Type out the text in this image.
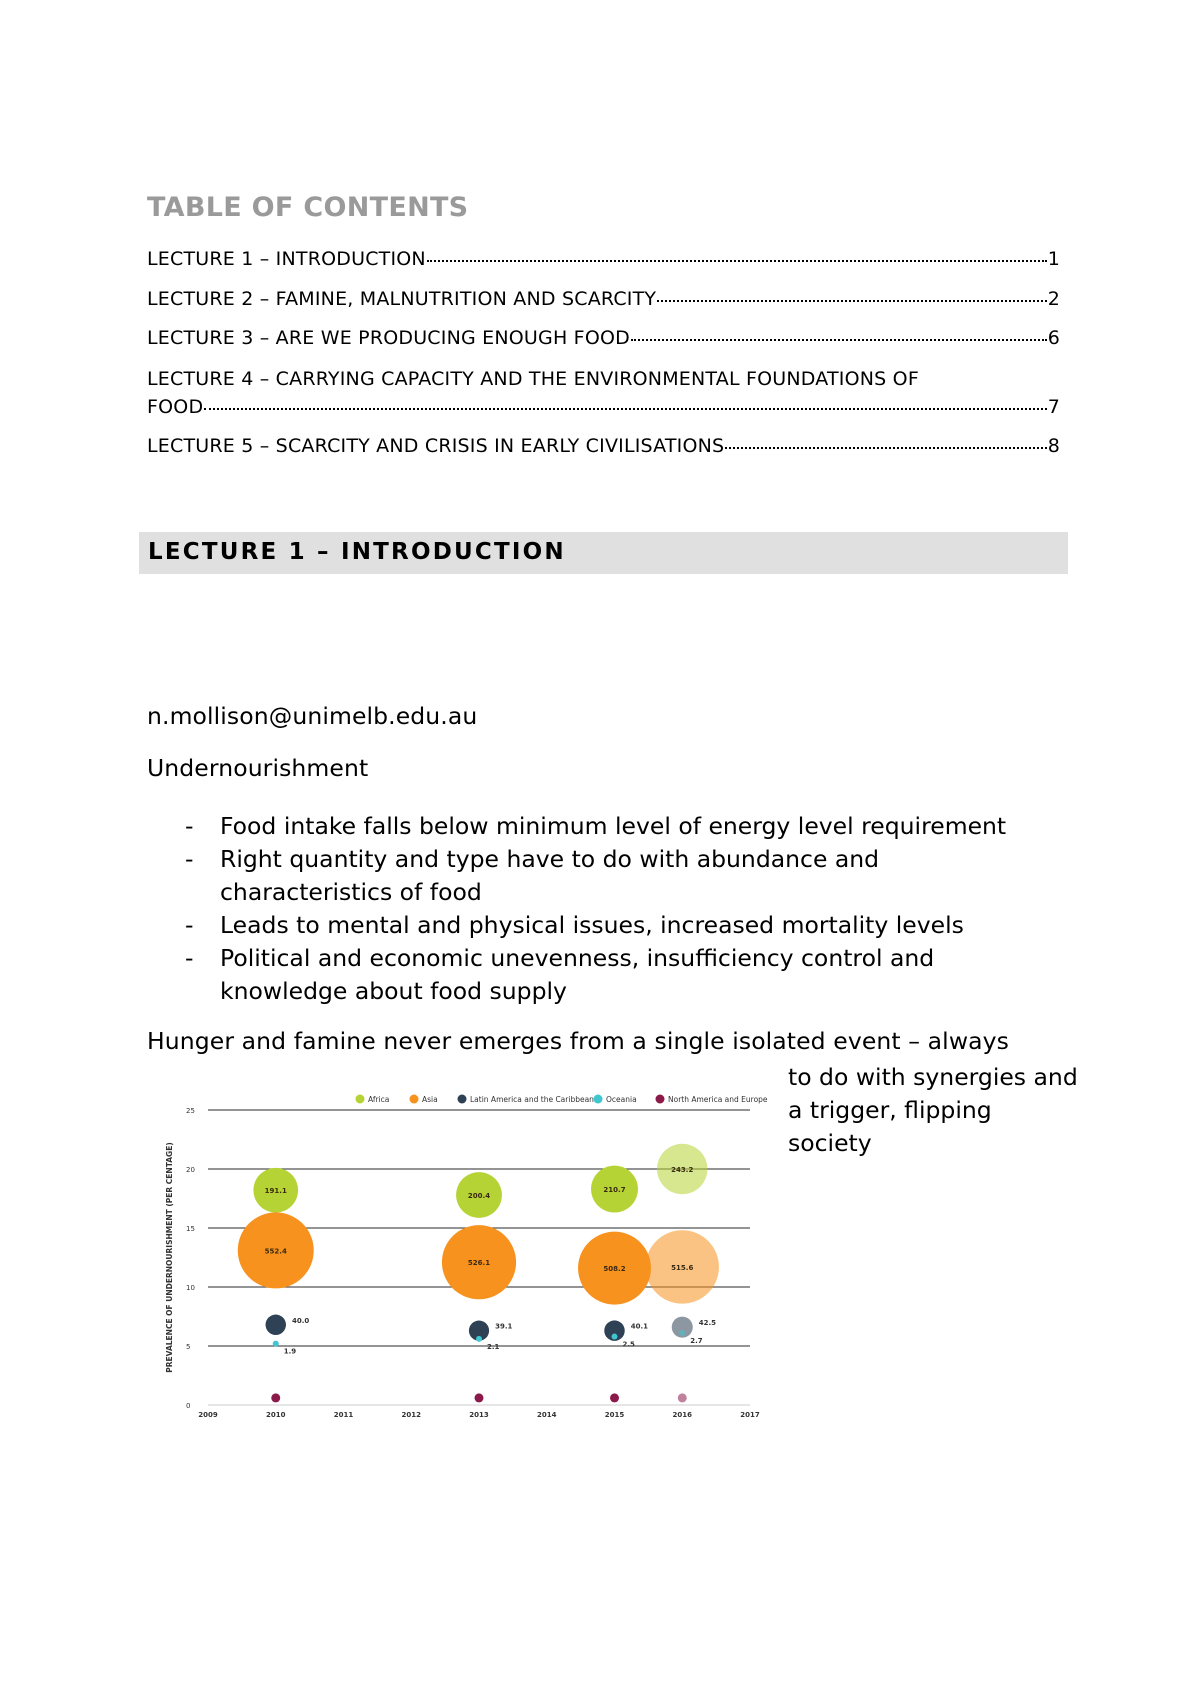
TABLE OF CONTENTS
LECTURE 1 – INTRODUCTION	1
LECTURE 2 – FAMINE, MALNUTRITION AND SCARCITY	2
LECTURE 3 – ARE WE PRODUCING ENOUGH FOOD	6
LECTURE 4 – CARRYING CAPACITY AND THE ENVIRONMENTAL FOUNDATIONS OF
FOOD	7
LECTURE 5 – SCARCITY AND CRISIS IN EARLY CIVILISATIONS	8
LECTURE 1 – INTRODUCTION
n.mollison@unimelb.edu.au
Undernourishment
- Food intake falls below minimum level of energy level requirement
- Right quantity and type have to do with abundance and characteristics of food
- Leads to mental and physical issues, increased mortality levels
- Political and economic unevenness, insufficiency control and knowledge about food supply
Hunger and famine never emerges from a single isolated event – always
to do with synergies and a trigger, flipping society
0
5
10
15
20
25
2009	2010	2011	2012	2013	2014	2015	2016	2017
PREVALENCE OF UNDERNOURISHMENT (PER CENTAGE)
Africa	Asia	Latin America and the Caribbean Oceania	North America and Europe
191.1
200.4
210.7
243.2
552.4
526.1
508.2	515.6
40.0
39.1	40.1	42.5
1.9
2.1	2.5	2.7
